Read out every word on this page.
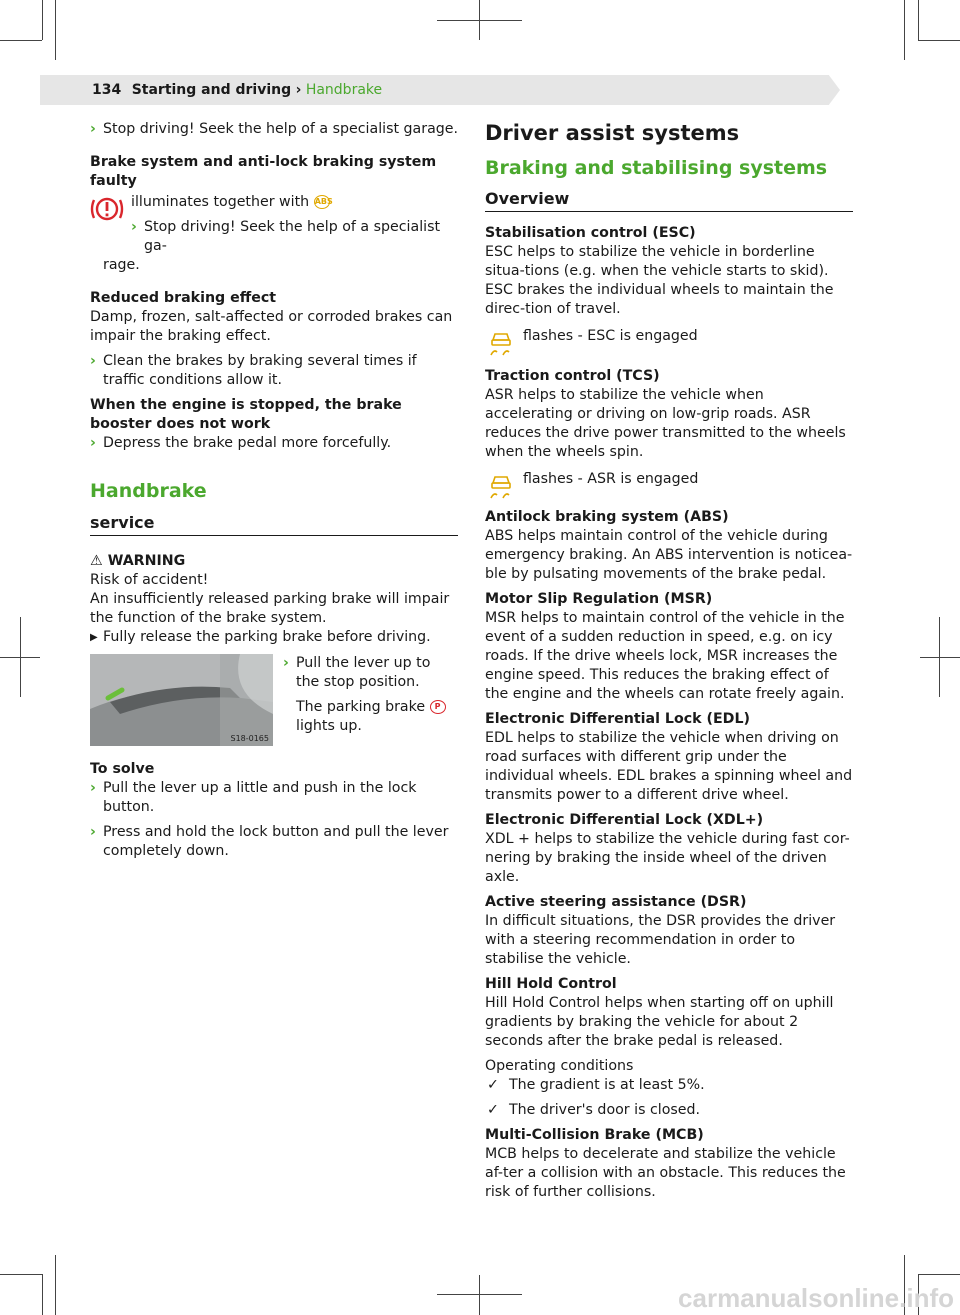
134 Starting and driving › Handbrake
› Stop driving! Seek the help of a specialist garage.

Brake system and anti-lock braking system faulty

illuminates together with ABS
› Stop driving! Seek the help of a specialist ga-

rage.

Reduced braking effect

Damp, frozen, salt-affected or corroded brakes can impair the braking effect.

› Clean the brakes by braking several times if traffic conditions allow it.

When the engine is stopped, the brake booster does not work

› Depress the brake pedal more forcefully.
Handbrake
service

⚠ WARNING

Risk of accident!

An insufficiently released parking brake will impair the function of the brake system.

▶ Fully release the parking brake before driving.

S18-0165
› Pull the lever up to the stop position.

The parking brake P lights up.

To solve

› Pull the lever up a little and push in the lock button.
› Press and hold the lock button and pull the lever completely down.
Driver assist systems
Braking and stabilising systems
Overview

Stabilisation control (ESC)

ESC helps to stabilize the vehicle in borderline situa-tions (e.g. when the vehicle starts to skid). ESC brakes the individual wheels to maintain the direc-tion of travel.

flashes - ESC is engaged

Traction control (TCS)

ASR helps to stabilize the vehicle when accelerating or driving on low-grip roads. ASR reduces the drive power transmitted to the wheels when the wheels spin.

flashes - ASR is engaged

Antilock braking system (ABS)

ABS helps maintain control of the vehicle during emergency braking. An ABS intervention is noticea-ble by pulsating movements of the brake pedal.

Motor Slip Regulation (MSR)

MSR helps to maintain control of the vehicle in the event of a sudden reduction in speed, e.g. on icy roads. If the drive wheels lock, MSR increases the engine speed. This reduces the braking effect of the engine and the wheels can rotate freely again.

Electronic Differential Lock (EDL)

EDL helps to stabilize the vehicle when driving on road surfaces with different grip under the individual wheels. EDL brakes a spinning wheel and transmits power to a different drive wheel.

Electronic Differential Lock (XDL+)

XDL + helps to stabilize the vehicle during fast cor-nering by braking the inside wheel of the driven axle.

Active steering assistance (DSR)

In difficult situations, the DSR provides the driver with a steering recommendation in order to stabilise the vehicle.

Hill Hold Control

Hill Hold Control helps when starting off on uphill gradients by braking the vehicle for about 2 seconds after the brake pedal is released.

Operating conditions

✓ The gradient is at least 5%.
✓ The driver's door is closed.

Multi-Collision Brake (MCB)

MCB helps to decelerate and stabilize the vehicle af-ter a collision with an obstacle. This reduces the risk of further collisions.

carmanualsonline.info
